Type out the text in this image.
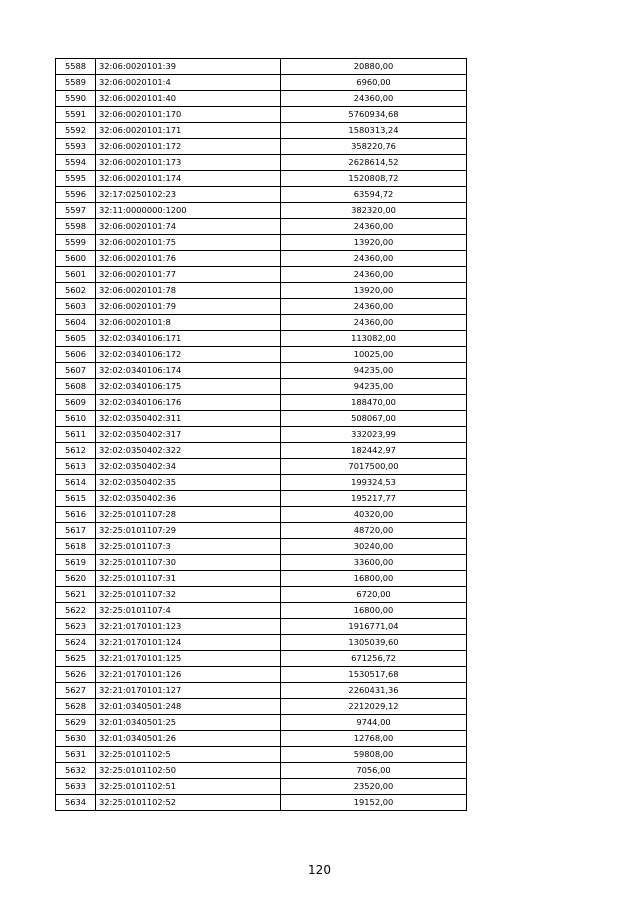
5588	32:06:0020101:39	20880,00
5589	32:06:0020101:4	6960,00
5590	32:06:0020101:40	24360,00
5591	32:06:0020101:170	5760934,68
5592	32:06:0020101:171	1580313,24
5593	32:06:0020101:172	358220,76
5594	32:06:0020101:173	2628614,52
5595	32:06:0020101:174	1520808,72
5596	32:17:0250102:23	63594,72
5597	32:11:0000000:1200	382320,00
5598	32:06:0020101:74	24360,00
5599	32:06:0020101:75	13920,00
5600	32:06:0020101:76	24360,00
5601	32:06:0020101:77	24360,00
5602	32:06:0020101:78	13920,00
5603	32:06:0020101:79	24360,00
5604	32:06:0020101:8	24360,00
5605	32:02:0340106:171	113082,00
5606	32:02:0340106:172	10025,00
5607	32:02:0340106:174	94235,00
5608	32:02:0340106:175	94235,00
5609	32:02:0340106:176	188470,00
5610	32:02:0350402:311	508067,00
5611	32:02:0350402:317	332023,99
5612	32:02:0350402:322	182442,97
5613	32:02:0350402:34	7017500,00
5614	32:02:0350402:35	199324,53
5615	32:02:0350402:36	195217,77
5616	32:25:0101107:28	40320,00
5617	32:25:0101107:29	48720,00
5618	32:25:0101107:3	30240,00
5619	32:25:0101107:30	33600,00
5620	32:25:0101107:31	16800,00
5621	32:25:0101107:32	6720,00
5622	32:25:0101107:4	16800,00
5623	32:21:0170101:123	1916771,04
5624	32:21:0170101:124	1305039,60
5625	32:21:0170101:125	671256,72
5626	32:21:0170101:126	1530517,68
5627	32:21:0170101:127	2260431,36
5628	32:01:0340501:248	2212029,12
5629	32:01:0340501:25	9744,00
5630	32:01:0340501:26	12768,00
5631	32:25:0101102:5	59808,00
5632	32:25:0101102:50	7056,00
5633	32:25:0101102:51	23520,00
5634	32:25:0101102:52	19152,00
120
